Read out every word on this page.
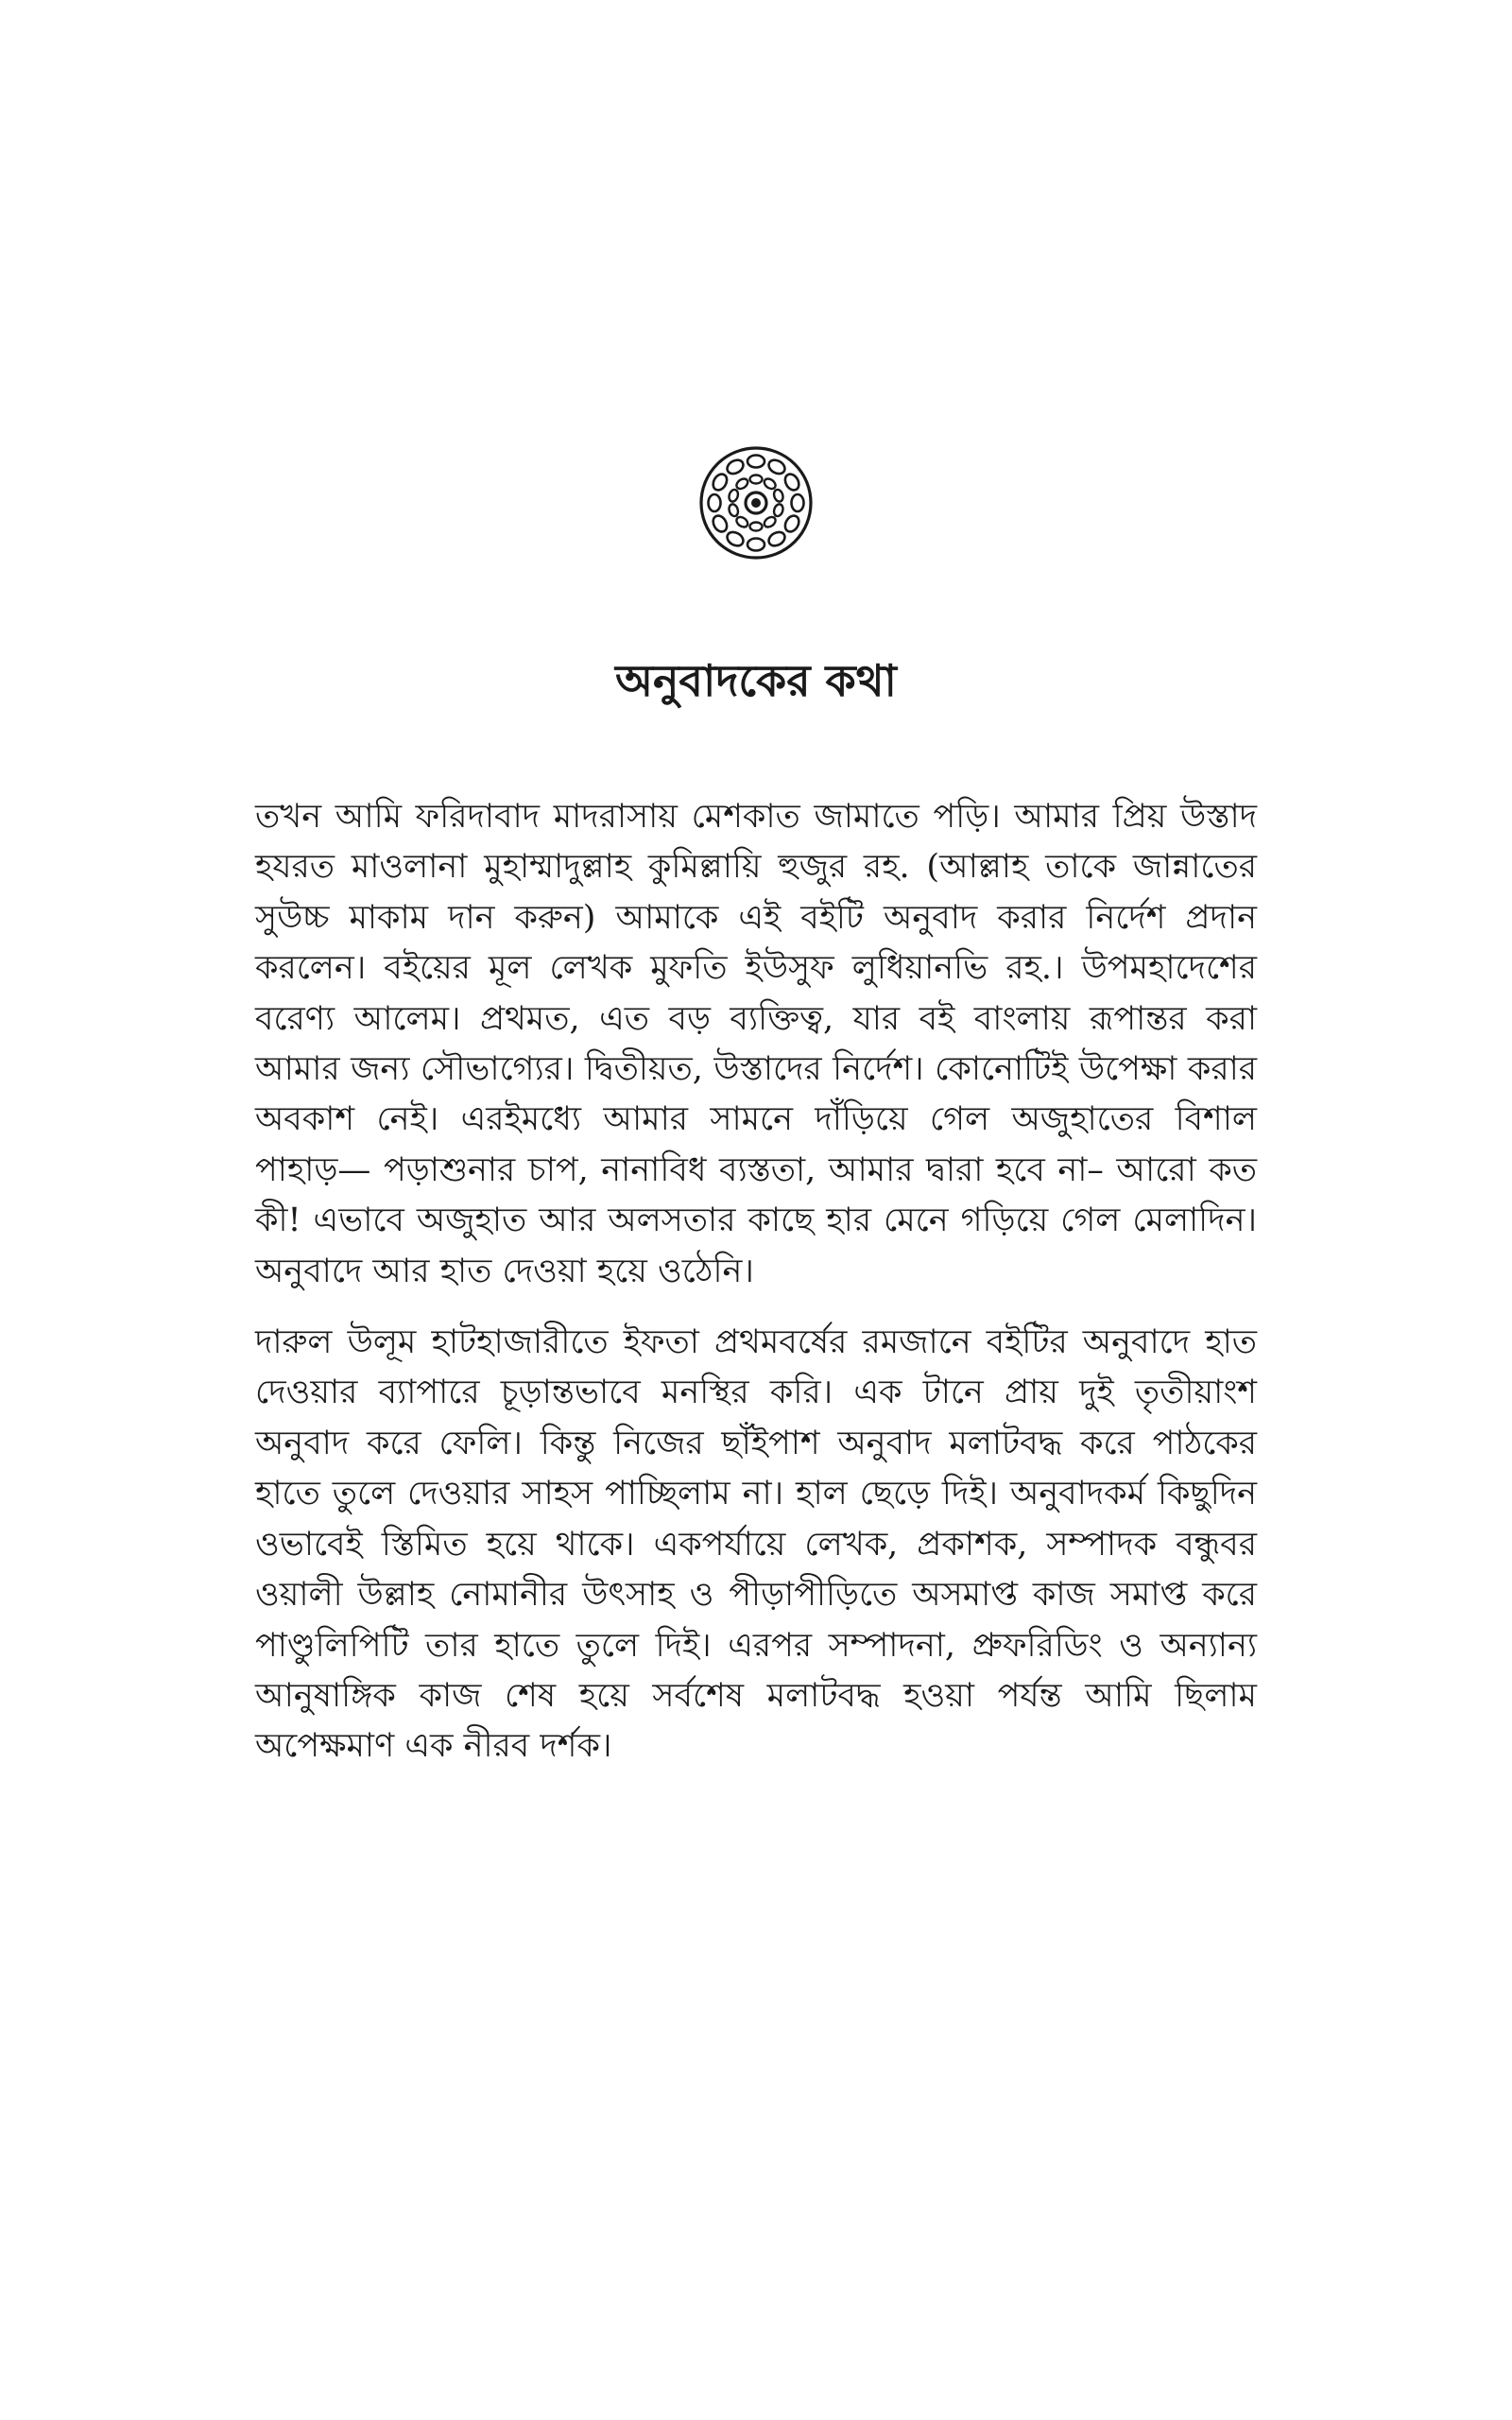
অনুবাদকের কথা

তখন আমি ফরিদাবাদ মাদরাসায় মেশকাত জামাতে পড়ি। আমার প্রিয় উস্তাদ হযরত মাওলানা মুহাম্মাদুল্লাহ কুমিল্লায়ি হুজুর রহ. (আল্লাহ তাকে জান্নাতের সুউচ্চ মাকাম দান করুন) আমাকে এই বইটি অনুবাদ করার নির্দেশ প্রদান করলেন। বইয়ের মূল লেখক মুফতি ইউসুফ লুধিয়ানভি রহ.। উপমহাদেশের বরেণ্য আলেম। প্রথমত, এত বড় ব্যক্তিত্ব, যার বই বাংলায় রূপান্তর করা আমার জন্য সৌভাগ্যের। দ্বিতীয়ত, উস্তাদের নির্দেশ। কোনোটিই উপেক্ষা করার অবকাশ নেই। এরইমধ্যে আমার সামনে দাঁড়িয়ে গেল অজুহাতের বিশাল পাহাড়— পড়াশুনার চাপ, নানাবিধ ব্যস্ততা, আমার দ্বারা হবে না– আরো কত কী! এভাবে অজুহাত আর অলসতার কাছে হার মেনে গড়িয়ে গেল মেলাদিন। অনুবাদে আর হাত দেওয়া হয়ে ওঠেনি।

দারুল উলূম হাটহাজারীতে ইফতা প্রথমবর্ষের রমজানে বইটির অনুবাদে হাত দেওয়ার ব্যাপারে চূড়ান্তভাবে মনস্থির করি। এক টানে প্রায় দুই তৃতীয়াংশ অনুবাদ করে ফেলি। কিন্তু নিজের ছাঁইপাশ অনুবাদ মলাটবদ্ধ করে পাঠকের হাতে তুলে দেওয়ার সাহস পাচ্ছিলাম না। হাল ছেড়ে দিই। অনুবাদকর্ম কিছুদিন ওভাবেই স্তিমিত হয়ে থাকে। একপর্যায়ে লেখক, প্রকাশক, সম্পাদক বন্ধুবর ওয়ালী উল্লাহ নোমানীর উৎসাহ ও পীড়াপীড়িতে অসমাপ্ত কাজ সমাপ্ত করে পাণ্ডুলিপিটি তার হাতে তুলে দিই। এরপর সম্পাদনা, প্রুফরিডিং ও অন্যান্য আনুষাঙ্গিক কাজ শেষ হয়ে সর্বশেষ মলাটবদ্ধ হওয়া পর্যন্ত আমি ছিলাম অপেক্ষমাণ এক নীরব দর্শক।
